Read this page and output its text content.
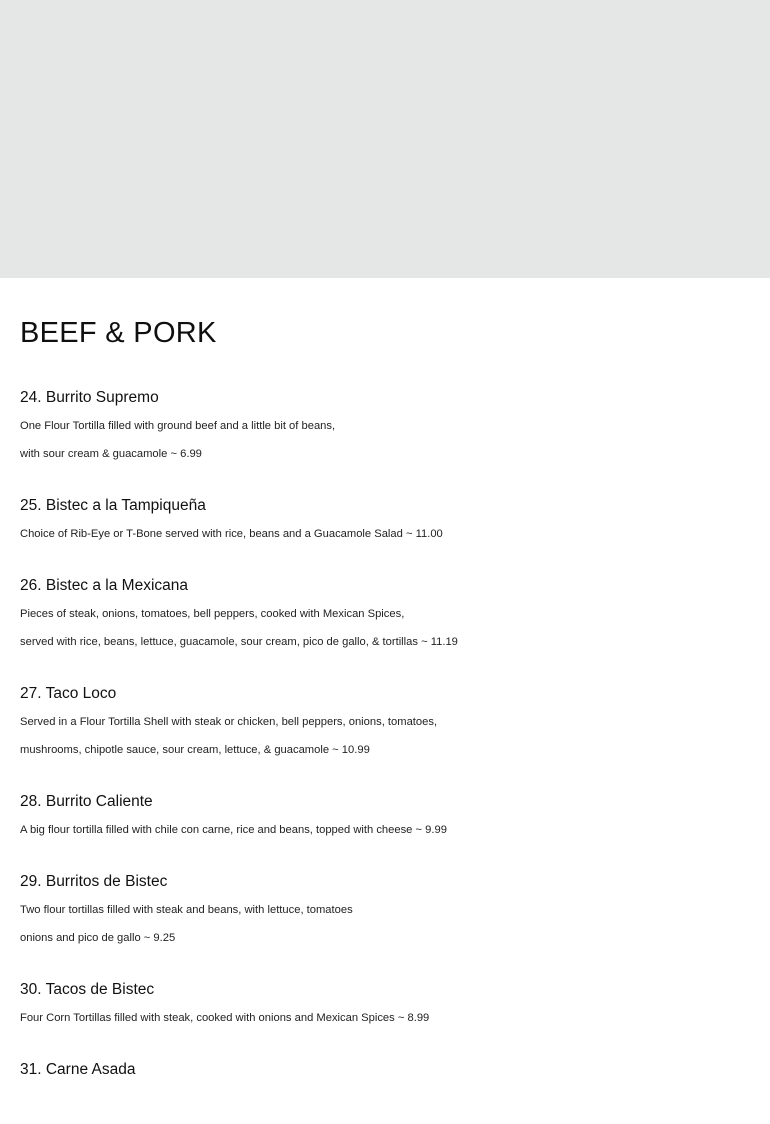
BEEF & PORK
24. Burrito Supremo
One Flour Tortilla filled with ground beef and a little bit of beans,
with sour cream & guacamole ~ 6.99
25. Bistec a la Tampiqueña
Choice of Rib-Eye or T-Bone served with rice, beans and a Guacamole Salad ~ 11.00
26. Bistec a la Mexicana
Pieces of steak, onions, tomatoes, bell peppers, cooked with Mexican Spices,
served with rice, beans, lettuce, guacamole, sour cream, pico de gallo, & tortillas ~ 11.19
27. Taco Loco
Served in a Flour Tortilla Shell with steak or chicken, bell peppers, onions, tomatoes,
mushrooms, chipotle sauce, sour cream, lettuce, & guacamole ~ 10.99
28. Burrito Caliente
A big flour tortilla filled with chile con carne, rice and beans, topped with cheese ~ 9.99
29. Burritos de Bistec
Two flour tortillas filled with steak and beans, with lettuce, tomatoes
onions and pico de gallo ~ 9.25
30. Tacos de Bistec
Four Corn Tortillas filled with steak, cooked with onions and Mexican Spices ~ 8.99
31. Carne Asada
